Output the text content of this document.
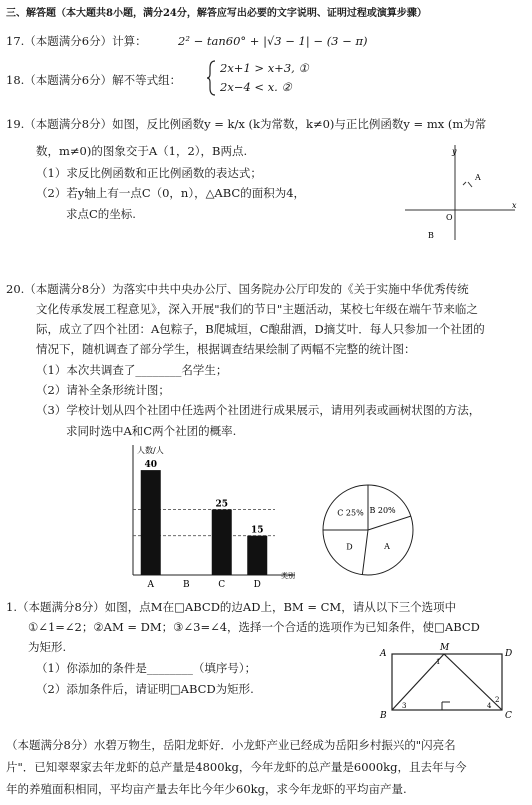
三、解答题（本大题共8小题，满分24分，解答应写出必要的文字说明、证明过程或演算步骤）
17.（本题满分6分）计算：	2² − tan60° + |√3 − 1| − (3 − π)
18.（本题满分6分）解不等式组：
2x+1 > x+3, ①
2x−4 < x. ②
19.（本题满分8分）如图，反比例函数y = k/x (k为常数，k≠0)与正比例函数y = mx (m为常
数，m≠0)的图象交于A（1，2），B两点.
（1）求反比例函数和正比例函数的表达式；
（2）若y轴上有一点C（0，n），△ABC的面积为4，
求点C的坐标.
y
A
O
x
B
20.（本题满分8分）为落实中共中央办公厅、国务院办公厅印发的《关于实施中华优秀传统
文化传承发展工程意见》，深入开展"我们的节日"主题活动，某校七年级在端午节来临之
际，成立了四个社团：A包粽子，B爬城垣，C酿甜酒，D摘艾叶．每人只参加一个社团的
情况下，随机调查了部分学生，根据调查结果绘制了两幅不完整的统计图：
（1）本次共调查了________名学生；
（2）请补全条形统计图；
（3）学校计划从四个社团中任选两个社团进行成果展示，请用列表或画树状图的方法，
求同时选中A和C两个社团的概率.
人数/人
类别
40
A	B
25
C
15
D
C 25% B 20%
A
D
1.（本题满分8分）如图，点M在□ABCD的边AD上，BM = CM，请从以下三个选项中
①∠1=∠2；②AM = DM；③∠3=∠4，选择一个合适的选项作为已知条件，使□ABCD
为矩形.
（1）你添加的条件是________（填序号）；
（2）添加条件后，请证明□ABCD为矩形.
A
M
D
B	C
1
2
3	4
（本题满分8分）水碧万物生，岳阳龙虾好．小龙虾产业已经成为岳阳乡村振兴的"闪亮名
片"．已知翠翠家去年龙虾的总产量是4800kg，今年龙虾的总产量是6000kg，且去年与今
年的养殖面积相同，平均亩产量去年比今年少60kg，求今年龙虾的平均亩产量.
